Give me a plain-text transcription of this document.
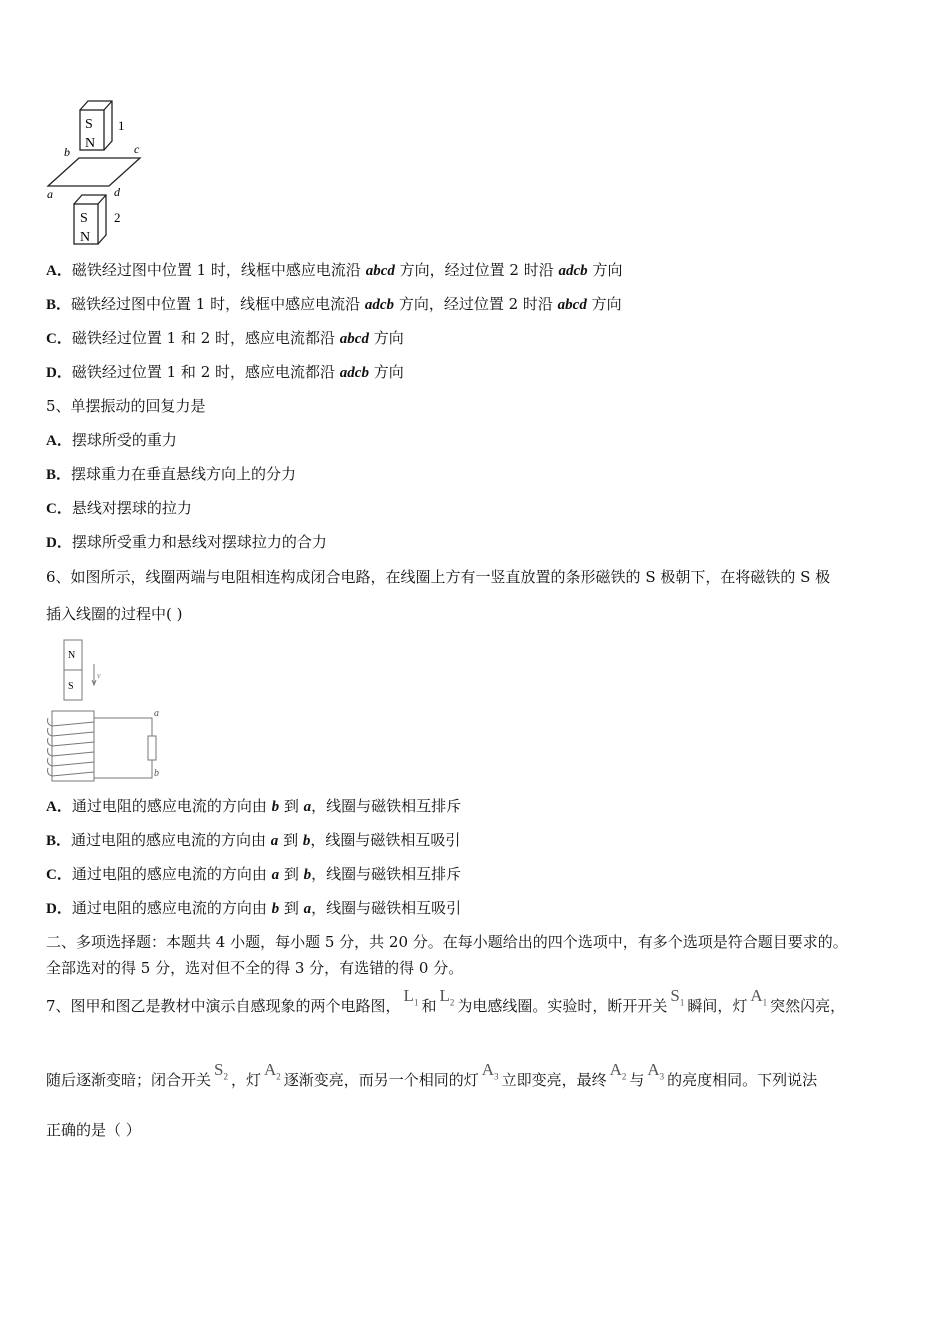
S
N
1
S
N
2
a
b	c
d
A．磁铁经过图中位置 1 时，线框中感应电流沿 abcd 方向，经过位置 2 时沿 adcb 方向
B．磁铁经过图中位置 1 时，线框中感应电流沿 adcb 方向，经过位置 2 时沿 abcd 方向
C．磁铁经过位置 1 和 2 时，感应电流都沿 abcd 方向
D．磁铁经过位置 1 和 2 时，感应电流都沿 adcb 方向
5、单摆振动的回复力是
A．摆球所受的重力
B．摆球重力在垂直悬线方向上的分力
C．悬线对摆球的拉力
D．摆球所受重力和悬线对摆球拉力的合力
6、如图所示，线圈两端与电阻相连构成闭合电路，在线圈上方有一竖直放置的条形磁铁的 S 极朝下，在将磁铁的 S 极
插入线圈的过程中( )
N
S
v
a
b
A．通过电阻的感应电流的方向由 b 到 a，线圈与磁铁相互排斥
B．通过电阻的感应电流的方向由 a 到 b，线圈与磁铁相互吸引
C．通过电阻的感应电流的方向由 a 到 b，线圈与磁铁相互排斥
D．通过电阻的感应电流的方向由 b 到 a，线圈与磁铁相互吸引
二、多项选择题：本题共 4 小题，每小题 5 分，共 20 分。在每小题给出的四个选项中，有多个选项是符合题目要求的。
全部选对的得 5 分，选对但不全的得 3 分，有选错的得 0 分。
7、图甲和图乙是教材中演示自感现象的两个电路图，$L_1$ 和$L_2$ 为电感线圈。实验时，断开开关$S_1$ 瞬间，灯$A_1$ 突然闪亮，
随后逐渐变暗；闭合开关$S_2$ ，灯$A_2$ 逐渐变亮，而另一个相同的灯$A_3$ 立即变亮，最终$A_2$ 与$A_3$ 的亮度相同。下列说法
正确的是（ ）
